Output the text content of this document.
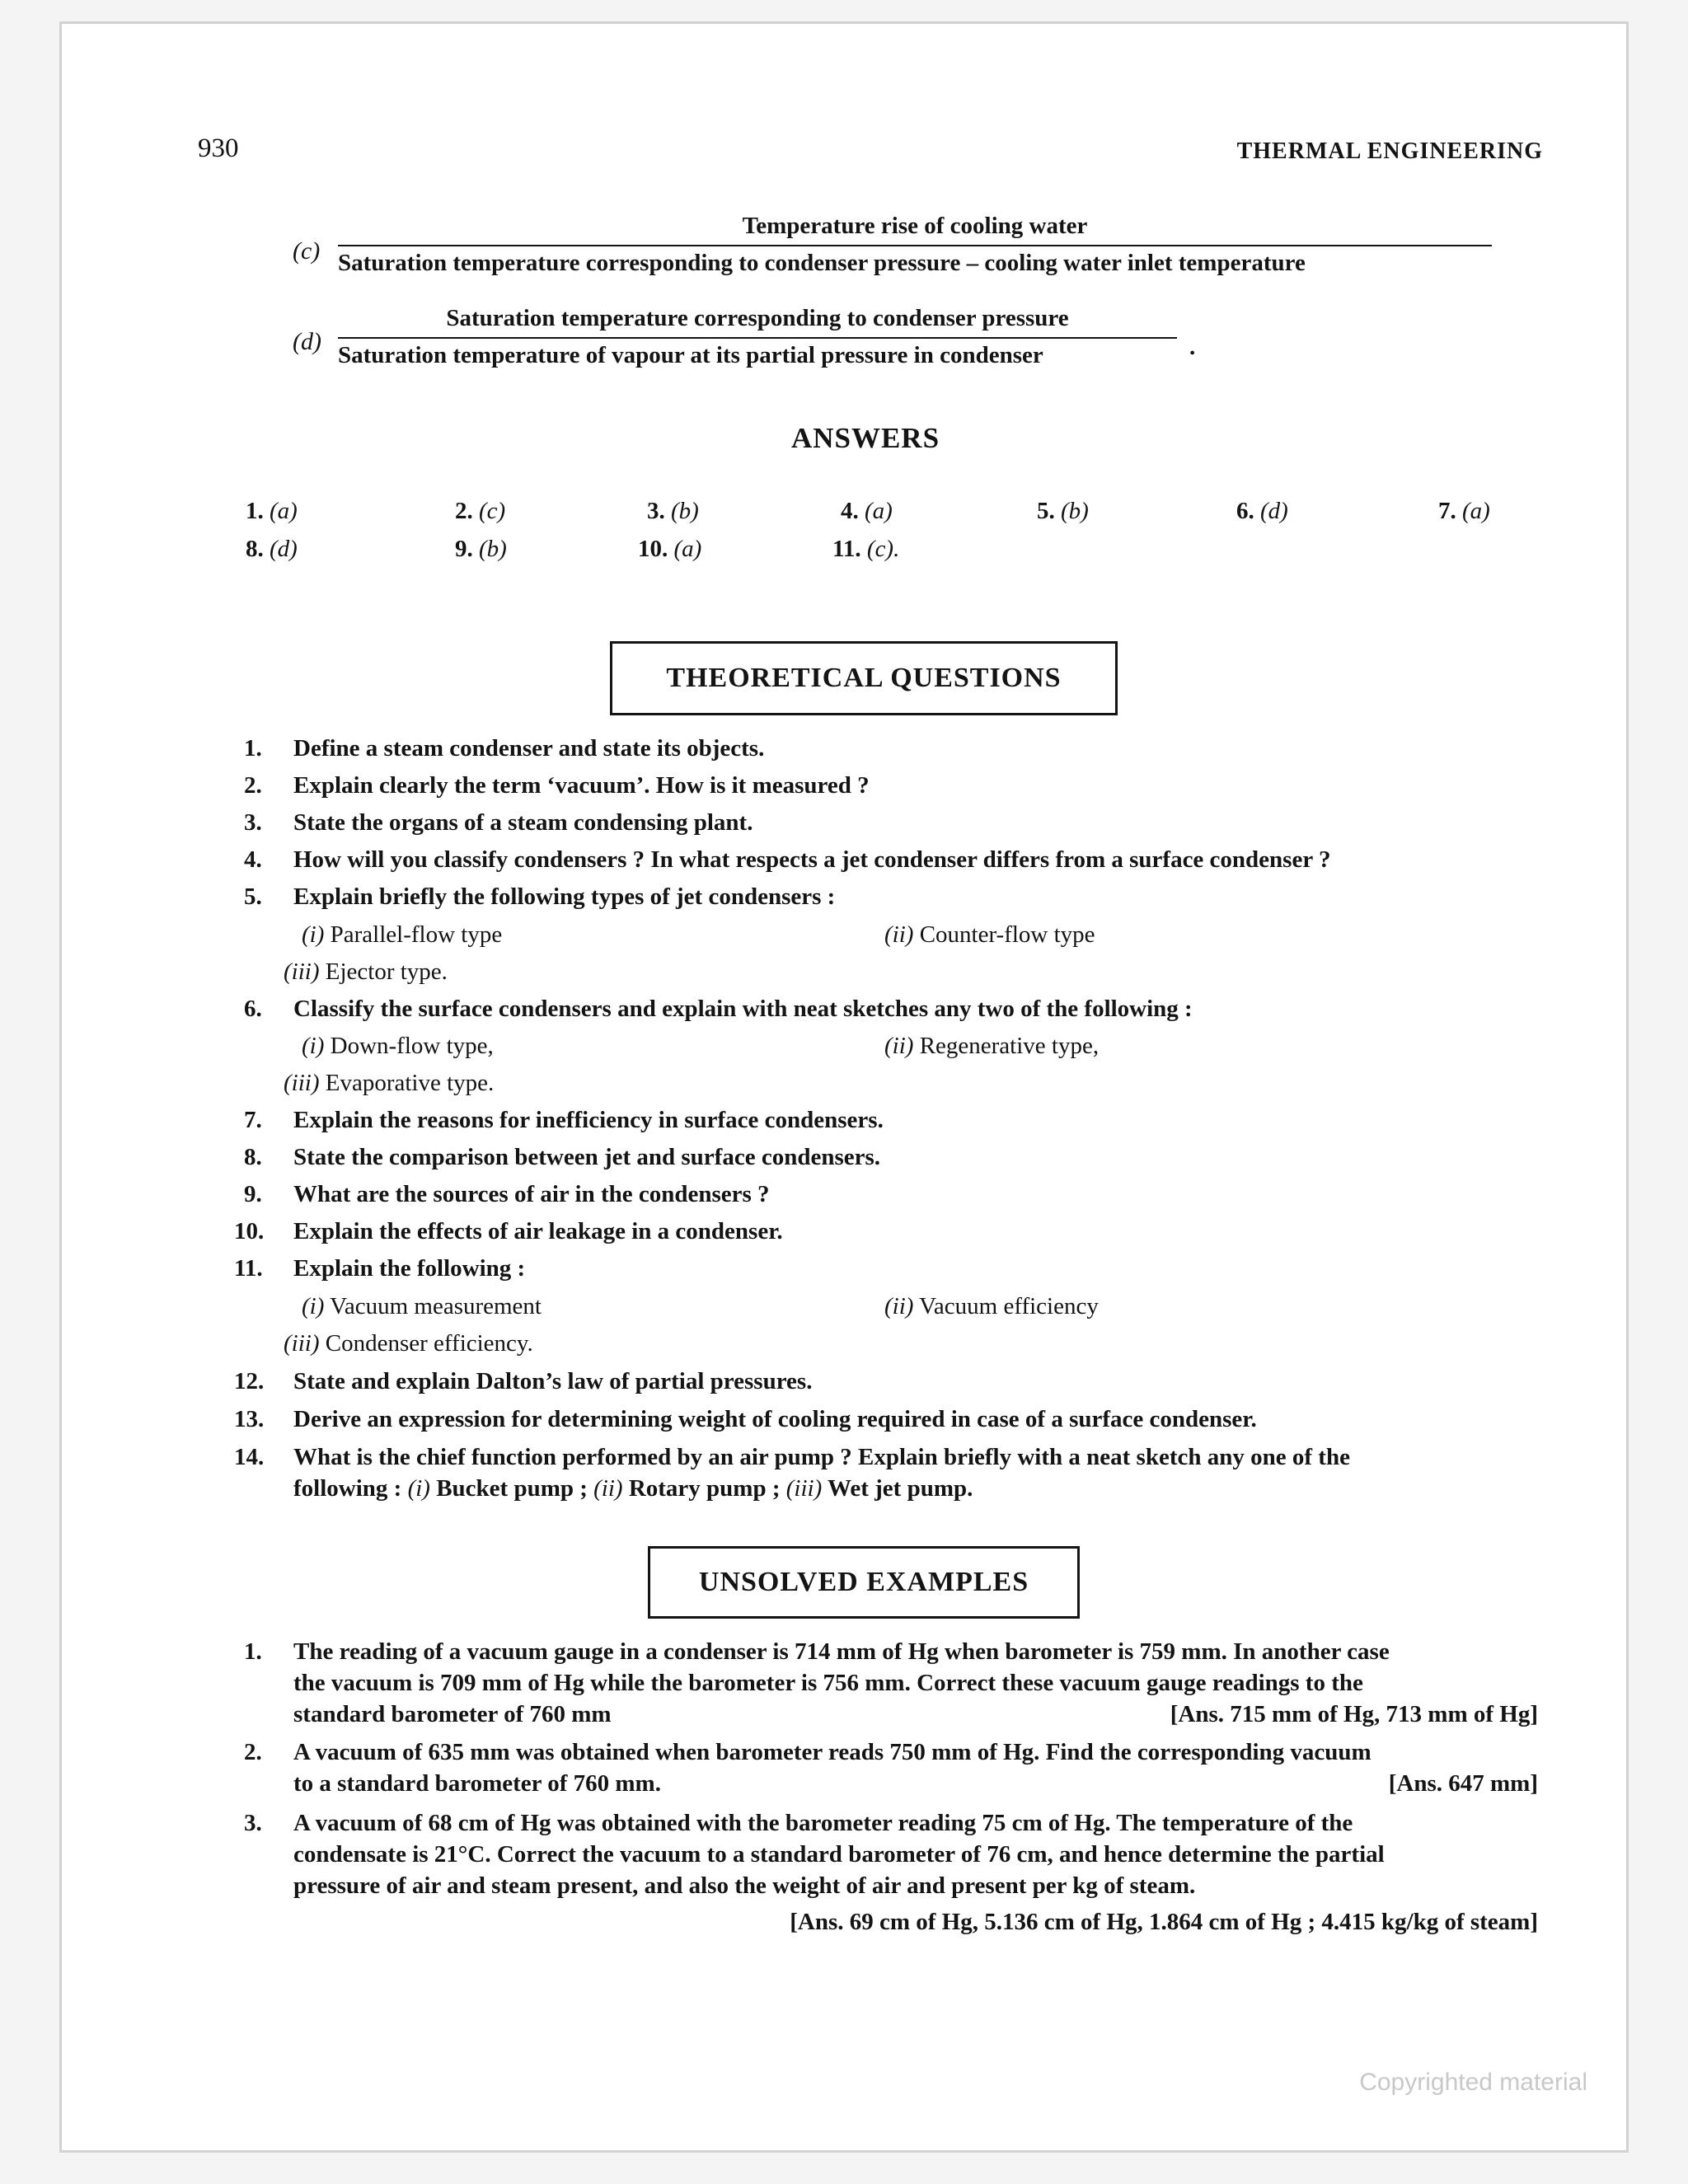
930	THERMAL ENGINEERING
(c)
Temperature rise of cooling water
Saturation temperature corresponding to condenser pressure – cooling water inlet temperature
(d)
Saturation temperature corresponding to condenser pressure
Saturation temperature of vapour at its partial pressure in condenser	.
ANSWERS
1. (a)	2. (c)	3. (b)	4. (a)	5. (b)	6. (d)	7. (a)
8. (d)	9. (b)	10. (a)	11. (c).
THEORETICAL QUESTIONS
1.	Define a steam condenser and state its objects.
2.	Explain clearly the term ‘vacuum’. How is it measured ?
3.	State the organs of a steam condensing plant.
4.	How will you classify condensers ? In what respects a jet condenser differs from a surface condenser ?
5.	Explain briefly the following types of jet condensers :
(i) Parallel-flow type	(ii) Counter-flow type
(iii) Ejector type.
6.	Classify the surface condensers and explain with neat sketches any two of the following :
(i) Down-flow type,	(ii) Regenerative type,
(iii) Evaporative type.
7.	Explain the reasons for inefficiency in surface condensers.
8.	State the comparison between jet and surface condensers.
9.	What are the sources of air in the condensers ?
10.	Explain the effects of air leakage in a condenser.
11.	Explain the following :
(i) Vacuum measurement	(ii) Vacuum efficiency
(iii) Condenser efficiency.
12.	State and explain Dalton’s law of partial pressures.
13.	Derive an expression for determining weight of cooling required in case of a surface condenser.
14.	What is the chief function performed by an air pump ? Explain briefly with a neat sketch any one of the
following : (i) Bucket pump ; (ii) Rotary pump ; (iii) Wet jet pump.
UNSOLVED EXAMPLES
1.	The reading of a vacuum gauge in a condenser is 714 mm of Hg when barometer is 759 mm. In another case
the vacuum is 709 mm of Hg while the barometer is 756 mm. Correct these vacuum gauge readings to the
standard barometer of 760 mm	[Ans. 715 mm of Hg, 713 mm of Hg]
2.	A vacuum of 635 mm was obtained when barometer reads 750 mm of Hg. Find the corresponding vacuum
to a standard barometer of 760 mm.	[Ans. 647 mm]
3.	A vacuum of 68 cm of Hg was obtained with the barometer reading 75 cm of Hg. The temperature of the
condensate is 21°C. Correct the vacuum to a standard barometer of 76 cm, and hence determine the partial
pressure of air and steam present, and also the weight of air and present per kg of steam.
[Ans. 69 cm of Hg, 5.136 cm of Hg, 1.864 cm of Hg ; 4.415 kg/kg of steam]
Copyrighted material
